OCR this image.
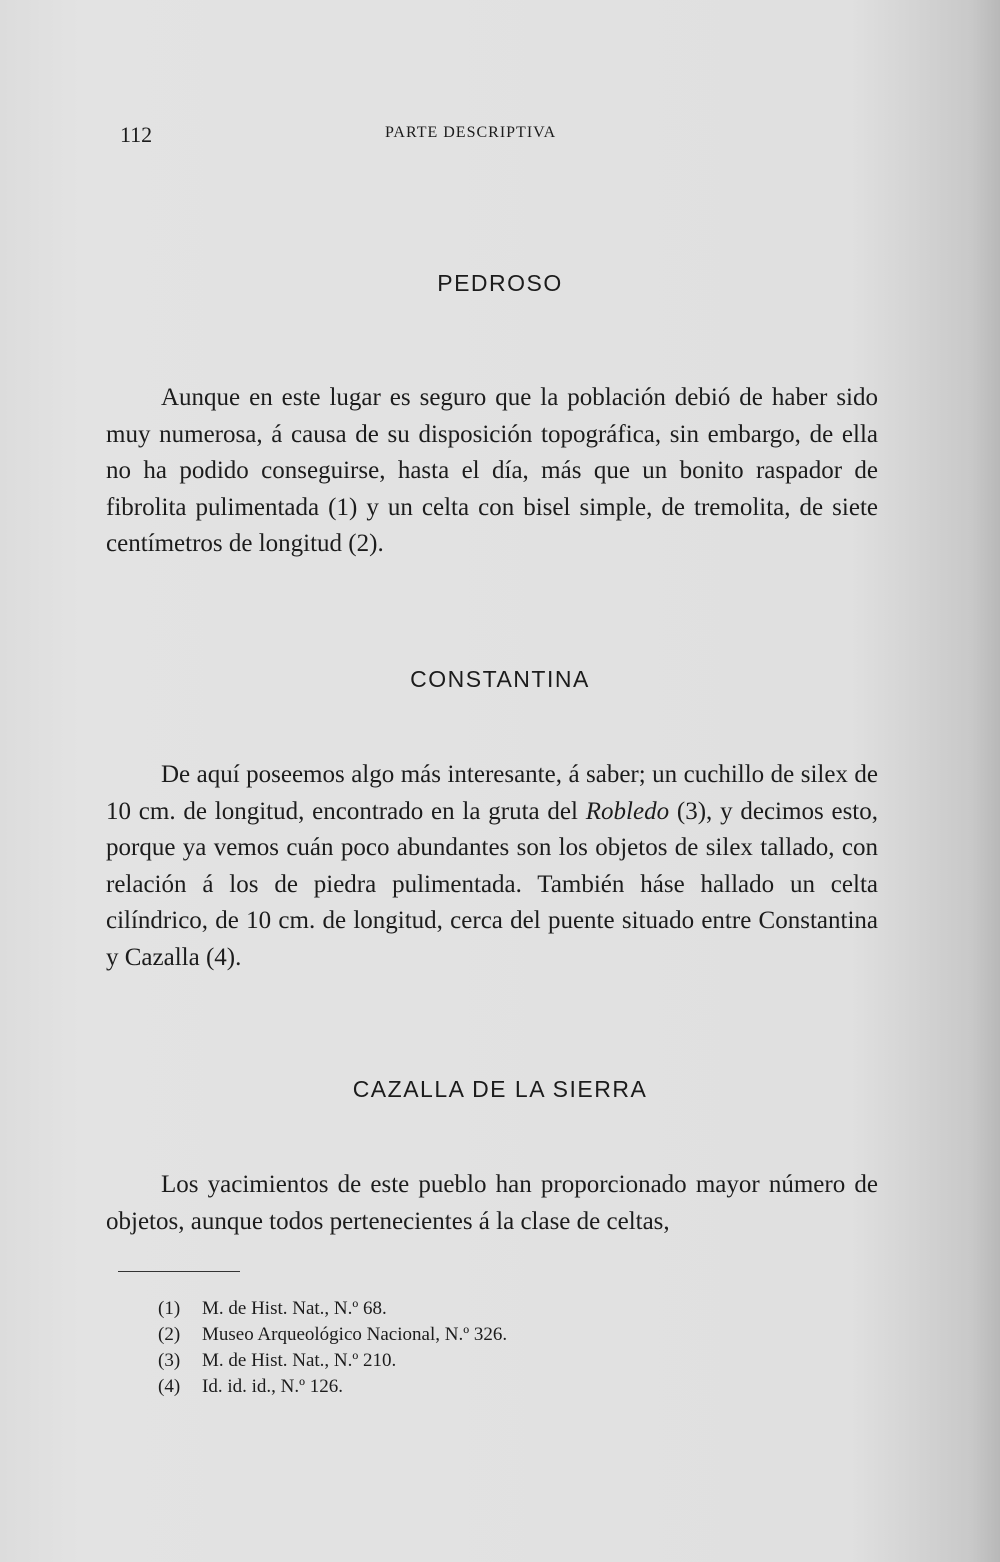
112	PARTE DESCRIPTIVA
PEDROSO

Aunque en este lugar es seguro que la población debió de haber sido muy numerosa, á causa de su disposición topográfica, sin embargo, de ella no ha podido conseguirse, hasta el día, más que un bonito raspador de fibrolita pulimentada (1) y un celta con bisel simple, de tremolita, de siete centímetros de longitud (2).

CONSTANTINA

De aquí poseemos algo más interesante, á saber; un cuchillo de silex de 10 cm. de longitud, encontrado en la gruta del Robledo (3), y decimos esto, porque ya vemos cuán poco abundantes son los objetos de silex tallado, con relación á los de piedra pulimentada. También háse hallado un celta cilíndrico, de 10 cm. de longitud, cerca del puente situado entre Constantina y Cazalla (4).

CAZALLA DE LA SIERRA

Los yacimientos de este pueblo han proporcionado mayor número de objetos, aunque todos pertenecientes á la clase de celtas,

(1) M. de Hist. Nat., N.º 68.
(2) Museo Arqueológico Nacional, N.º 326.
(3) M. de Hist. Nat., N.º 210.
(4) Id. id. id., N.º 126.
